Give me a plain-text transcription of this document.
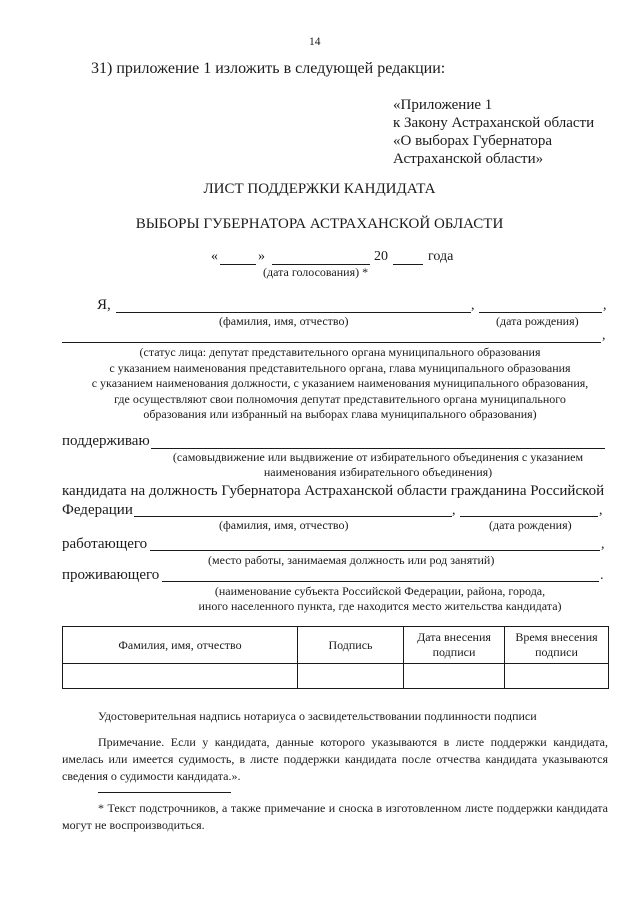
14
31) приложение 1 изложить в следующей редакции:
«Приложение 1
к Закону Астраханской области
«О выборах Губернатора
Астраханской области»
ЛИСТ ПОДДЕРЖКИ КАНДИДАТА
ВЫБОРЫ ГУБЕРНАТОРА АСТРАХАНСКОЙ ОБЛАСТИ
«	»	20	года
(дата голосования) *
Я,	,	,
(фамилия, имя, отчество)	(дата рождения)
,
(статус лица: депутат представительного органа муниципального образования
с указанием наименования представительного органа, глава муниципального образования
с указанием наименования должности, с указанием наименования муниципального образования,
где осуществляют свои полномочия депутат представительного органа муниципального
образования или избранный на выборах глава муниципального образования)
поддерживаю
(самовыдвижение или выдвижение от избирательного объединения с указанием
наименования избирательного объединения)
кандидата на должность Губернатора Астраханской области гражданина Российской
Федерации	,	,
(фамилия, имя, отчество)	(дата рождения)
работающего	,
(место работы, занимаемая должность или род занятий)
проживающего	.
(наименование субъекта Российской Федерации, района, города,
иного населенного пункта, где находится место жительства кандидата)
Фамилия, имя, отчество	Подпись	Дата внесения подписи	Время внесения подписи

Удостоверительная надпись нотариуса о засвидетельствовании подлинности подписи
Примечание. Если у кандидата, данные которого указываются в листе поддержки кандидата, имелась или имеется судимость, в листе поддержки кандидата после отчества кандидата указываются сведения о судимости кандидата.».
* Текст подстрочников, а также примечание и сноска в изготовленном листе поддержки кандидата могут не воспроизводиться.
